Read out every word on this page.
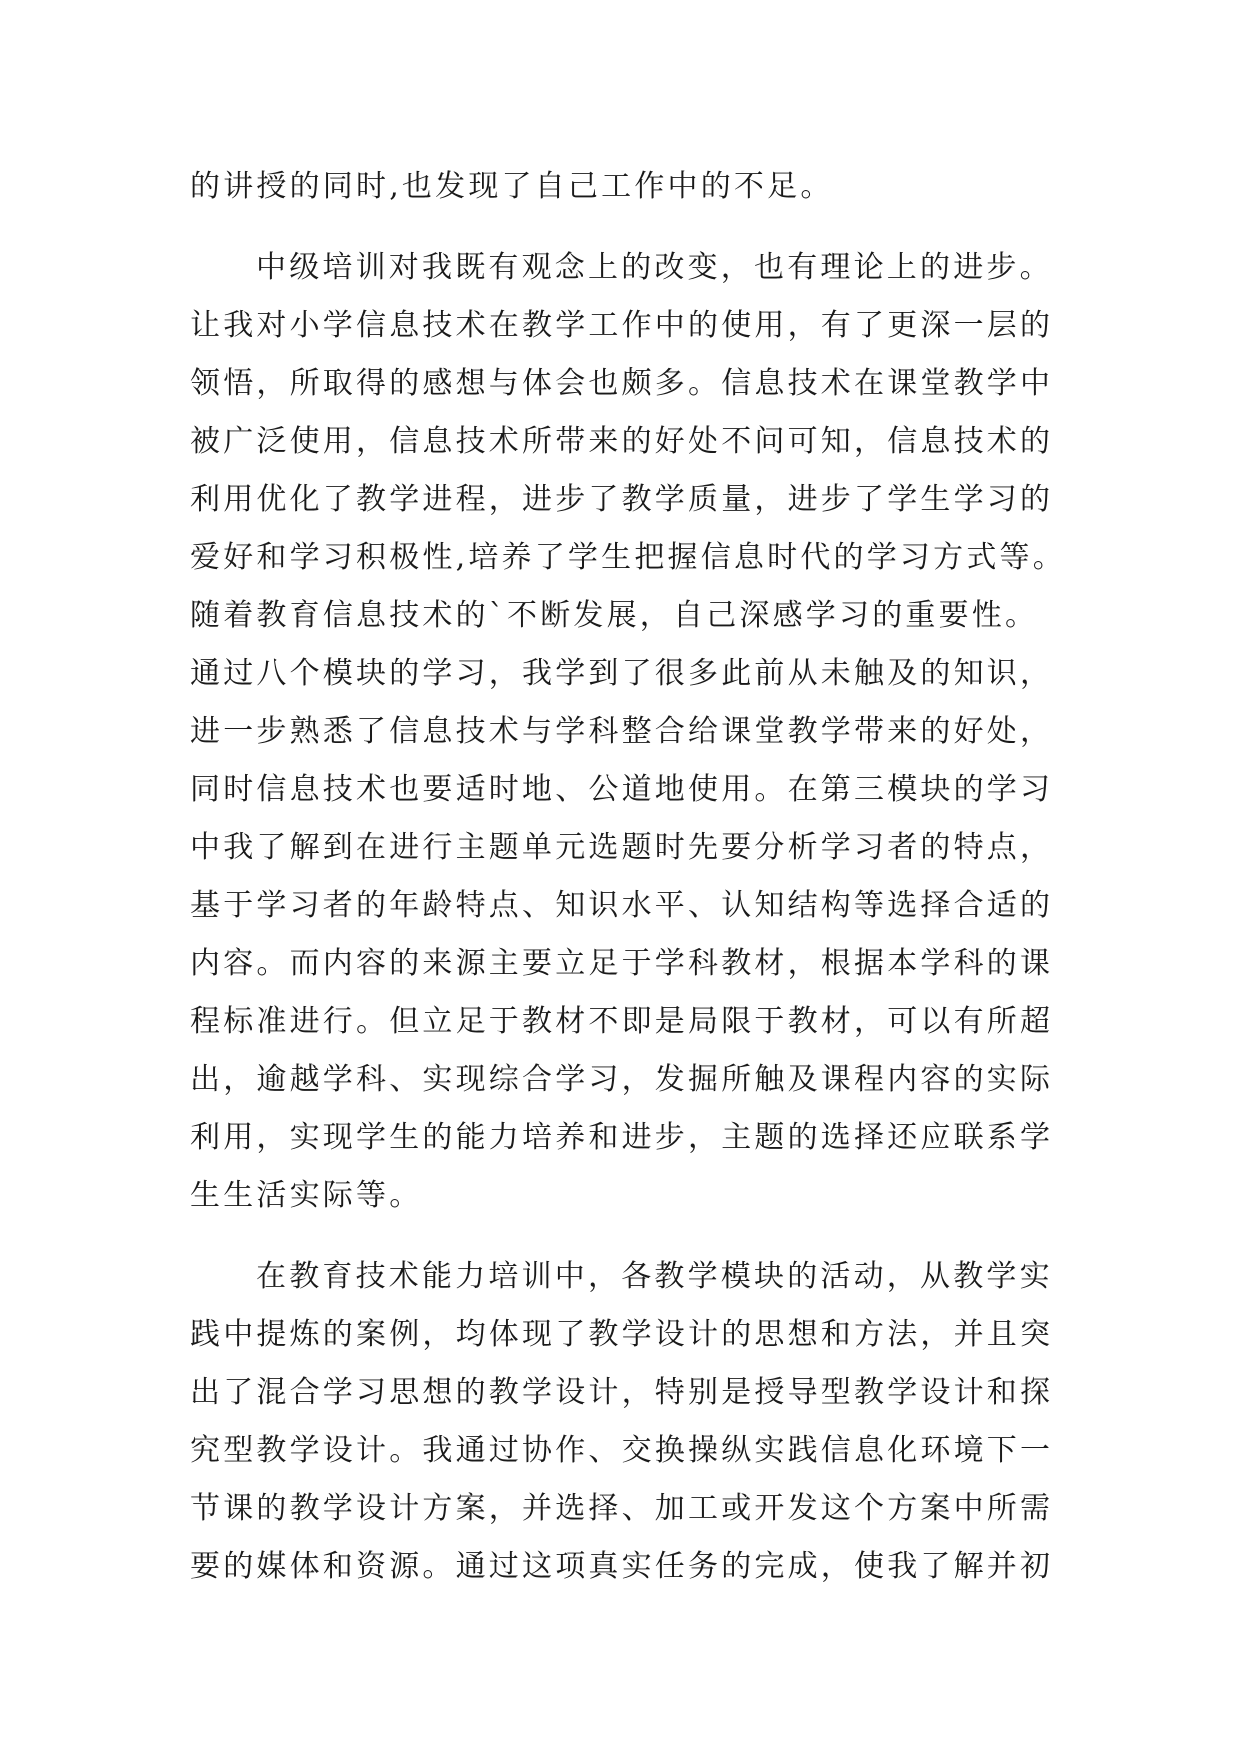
的讲授的同时,也发现了自己工作中的不足。
中级培训对我既有观念上的改变，也有理论上的进步。
让我对小学信息技术在教学工作中的使用，有了更深一层的
领悟，所取得的感想与体会也颇多。信息技术在课堂教学中
被广泛使用，信息技术所带来的好处不问可知，信息技术的
利用优化了教学进程，进步了教学质量，进步了学生学习的
爱好和学习积极性,培养了学生把握信息时代的学习方式等。
随着教育信息技术的`不断发展，自己深感学习的重要性。
通过八个模块的学习，我学到了很多此前从未触及的知识，
进一步熟悉了信息技术与学科整合给课堂教学带来的好处，
同时信息技术也要适时地、公道地使用。在第三模块的学习
中我了解到在进行主题单元选题时先要分析学习者的特点，
基于学习者的年龄特点、知识水平、认知结构等选择合适的
内容。而内容的来源主要立足于学科教材，根据本学科的课
程标准进行。但立足于教材不即是局限于教材，可以有所超
出，逾越学科、实现综合学习，发掘所触及课程内容的实际
利用，实现学生的能力培养和进步，主题的选择还应联系学
生生活实际等。
在教育技术能力培训中，各教学模块的活动，从教学实
践中提炼的案例，均体现了教学设计的思想和方法，并且突
出了混合学习思想的教学设计，特别是授导型教学设计和探
究型教学设计。我通过协作、交换操纵实践信息化环境下一
节课的教学设计方案，并选择、加工或开发这个方案中所需
要的媒体和资源。通过这项真实任务的完成，使我了解并初
